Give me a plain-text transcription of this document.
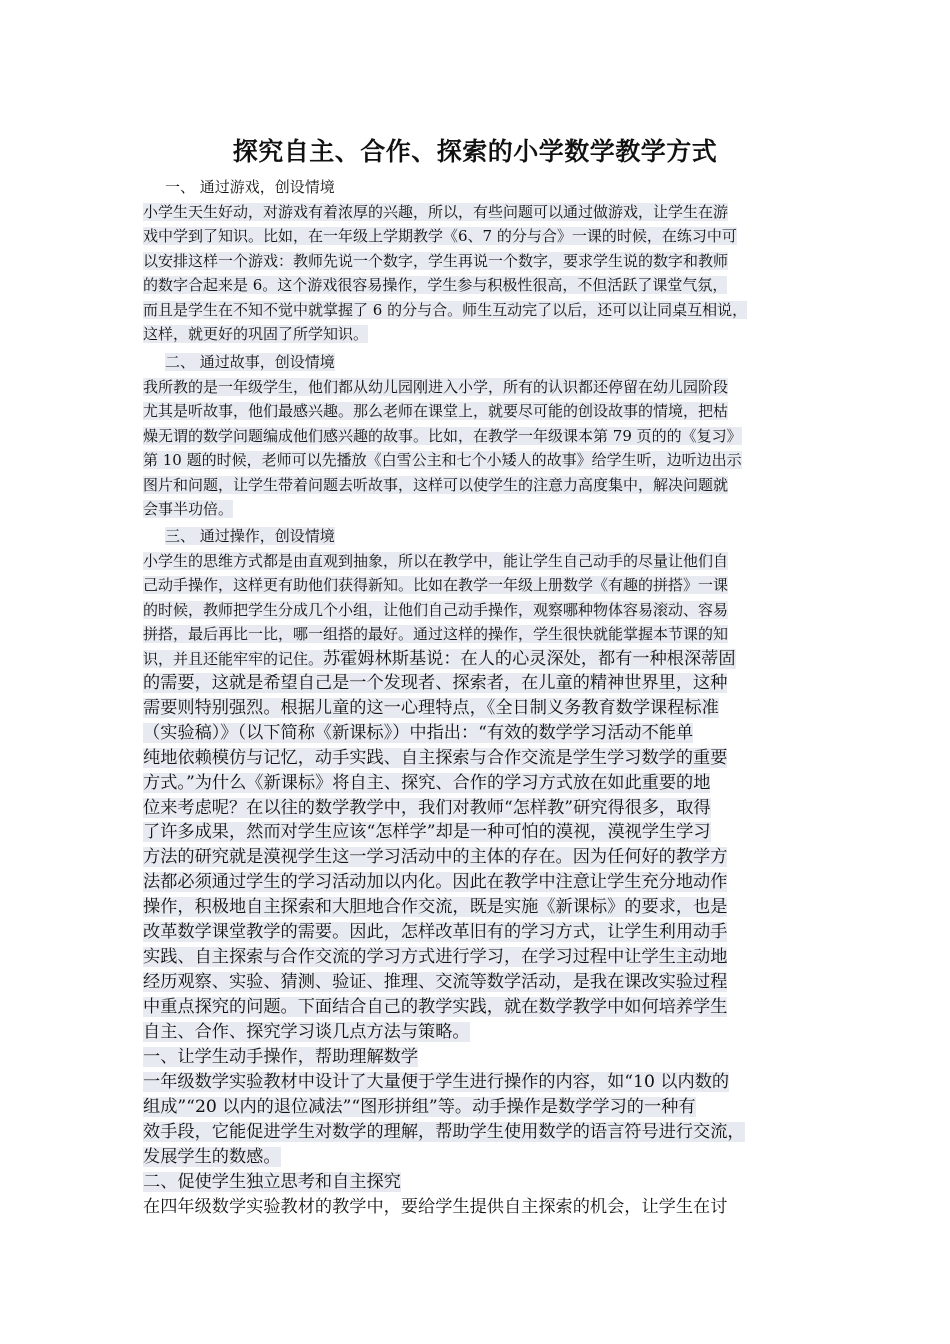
探究自主、合作、探索的小学数学教学方式
一、 通过游戏，创设情境
小学生天生好动，对游戏有着浓厚的兴趣，所以，有些问题可以通过做游戏，让学生在游
戏中学到了知识。比如，在一年级上学期教学《6、7 的分与合》一课的时候，在练习中可
以安排这样一个游戏：教师先说一个数字，学生再说一个数字，要求学生说的数字和教师
的数字合起来是 6。这个游戏很容易操作，学生参与积极性很高，不但活跃了课堂气氛，
而且是学生在不知不觉中就掌握了 6 的分与合。师生互动完了以后，还可以让同桌互相说，
这样，就更好的巩固了所学知识。
二、 通过故事，创设情境
我所教的是一年级学生，他们都从幼儿园刚进入小学，所有的认识都还停留在幼儿园阶段
尤其是听故事，他们最感兴趣。那么老师在课堂上，就要尽可能的创设故事的情境，把枯
燥无谓的数学问题编成他们感兴趣的故事。比如，在教学一年级课本第 79 页的的《复习》
第 10 题的时候，老师可以先播放《白雪公主和七个小矮人的故事》给学生听，边听边出示
图片和问题，让学生带着问题去听故事，这样可以使学生的注意力高度集中，解决问题就
会事半功倍。
三、 通过操作，创设情境
小学生的思维方式都是由直观到抽象，所以在教学中，能让学生自己动手的尽量让他们自
己动手操作，这样更有助他们获得新知。比如在教学一年级上册数学《有趣的拼搭》一课
的时候，教师把学生分成几个小组，让他们自己动手操作，观察哪种物体容易滚动、容易
拼搭，最后再比一比，哪一组搭的最好。通过这样的操作，学生很快就能掌握本节课的知
识，并且还能牢牢的记住。苏霍姆林斯基说：在人的心灵深处，都有一种根深蒂固
的需要，这就是希望自己是一个发现者、探索者，在儿童的精神世界里，这种
需要则特别强烈。根据儿童的这一心理特点，《全日制义务教育数学课程标准
（实验稿）》（以下简称《新课标》）中指出：“有效的数学学习活动不能单
纯地依赖模仿与记忆，动手实践、自主探索与合作交流是学生学习数学的重要
方式。”为什么《新课标》将自主、探究、合作的学习方式放在如此重要的地
位来考虑呢？在以往的数学教学中，我们对教师“怎样教”研究得很多，取得
了许多成果，然而对学生应该“怎样学”却是一种可怕的漠视，漠视学生学习
方法的研究就是漠视学生这一学习活动中的主体的存在。因为任何好的教学方
法都必须通过学生的学习活动加以内化。因此在教学中注意让学生充分地动作
操作，积极地自主探索和大胆地合作交流，既是实施《新课标》的要求，也是
改革数学课堂教学的需要。因此，怎样改革旧有的学习方式，让学生利用动手
实践、自主探索与合作交流的学习方式进行学习，在学习过程中让学生主动地
经历观察、实验、猜测、验证、推理、交流等数学活动，是我在课改实验过程
中重点探究的问题。下面结合自己的教学实践，就在数学教学中如何培养学生
自主、合作、探究学习谈几点方法与策略。
一、让学生动手操作，帮助理解数学
一年级数学实验教材中设计了大量便于学生进行操作的内容，如“10 以内数的
组成”“20 以内的退位减法”“图形拼组”等。动手操作是数学学习的一种有
效手段，它能促进学生对数学的理解，帮助学生使用数学的语言符号进行交流，
发展学生的数感。
二、促使学生独立思考和自主探究
在四年级数学实验教材的教学中，要给学生提供自主探索的机会，让学生在讨
